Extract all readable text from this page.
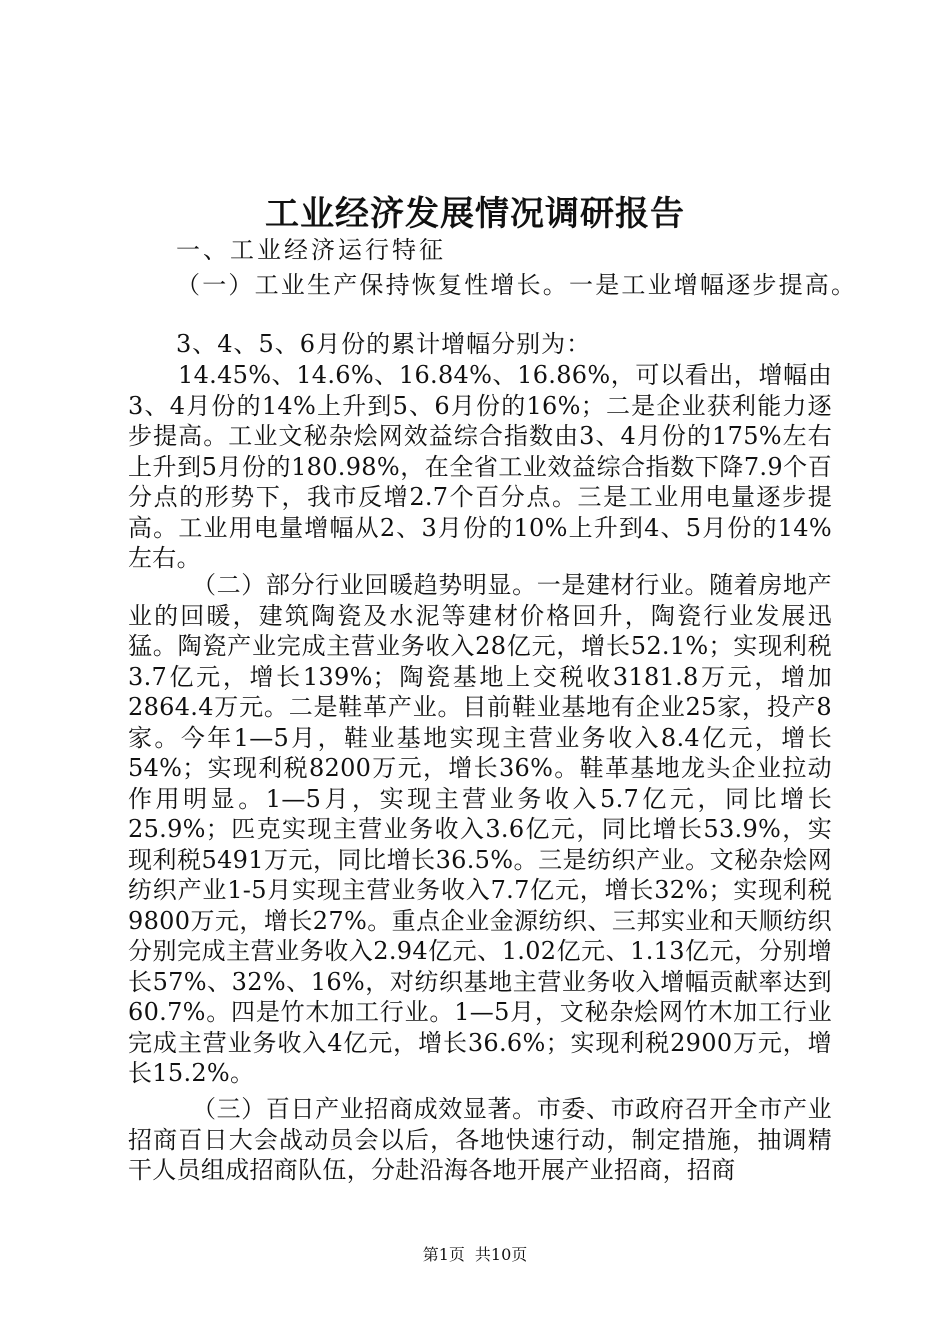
工业经济发展情况调研报告

一、工业经济运行特征

（一）工业生产保持恢复性增长。一是工业增幅逐步提高。

3、4、5、6月份的累计增幅分别为：

14.45%、14.6%、16.84%、16.86%，可以看出，增幅由3、4月份的14%上升到5、6月份的16%；二是企业获利能力逐步提高。工业文秘杂烩网效益综合指数由3、4月份的175%左右上升到5月份的180.98%，在全省工业效益综合指数下降7.9个百分点的形势下，我市反增2.7个百分点。三是工业用电量逐步提高。工业用电量增幅从2、3月份的10%上升到4、5月份的14%左右。

（二）部分行业回暖趋势明显。一是建材行业。随着房地产业的回暖，建筑陶瓷及水泥等建材价格回升，陶瓷行业发展迅猛。陶瓷产业完成主营业务收入28亿元，增长52.1%；实现利税3.7亿元，增长139%；陶瓷基地上交税收3181.8万元，增加2864.4万元。二是鞋革产业。目前鞋业基地有企业25家，投产8家。今年1—5月，鞋业基地实现主营业务收入8.4亿元，增长54%；实现利税8200万元，增长36%。鞋革基地龙头企业拉动作用明显。1—5月，实现主营业务收入5.7亿元，同比增长25.9%；匹克实现主营业务收入3.6亿元，同比增长53.9%，实现利税5491万元，同比增长36.5%。三是纺织产业。文秘杂烩网纺织产业1-5月实现主营业务收入7.7亿元，增长32%；实现利税9800万元，增长27%。重点企业金源纺织、三邦实业和天顺纺织分别完成主营业务收入2.94亿元、1.02亿元、1.13亿元，分别增长57%、32%、16%，对纺织基地主营业务收入增幅贡献率达到60.7%。四是竹木加工行业。1—5月，文秘杂烩网竹木加工行业完成主营业务收入4亿元，增长36.6%；实现利税2900万元，增长15.2%。

（三）百日产业招商成效显著。市委、市政府召开全市产业招商百日大会战动员会以后，各地快速行动，制定措施，抽调精干人员组成招商队伍，分赴沿海各地开展产业招商，招商

第1页 共10页
